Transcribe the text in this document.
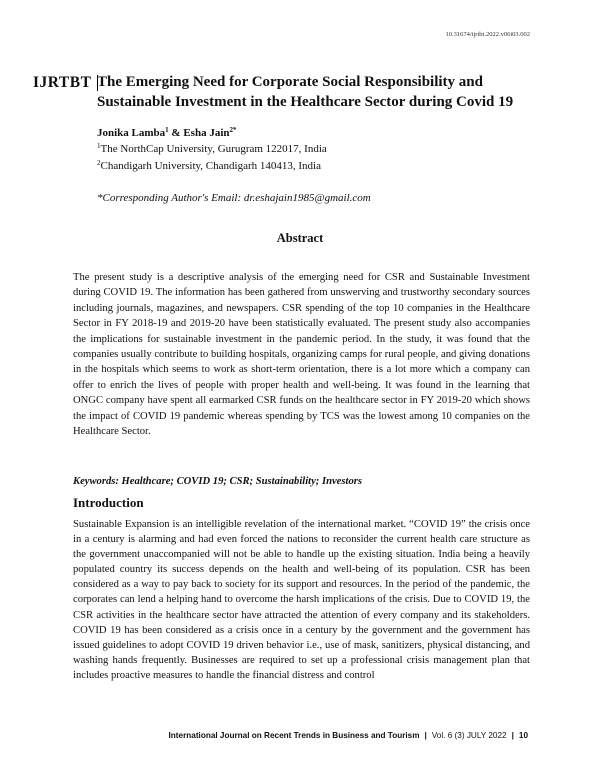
10.31674/ijrtbt.2022.v06i03.002
IJRTBT The Emerging Need for Corporate Social Responsibility and Sustainable Investment in the Healthcare Sector during Covid 19
Jonika Lamba$^1$ & Esha Jain$^{2*}$
$^1$The NorthCap University, Gurugram 122017, India
$^2$Chandigarh University, Chandigarh 140413, India
*Corresponding Author's Email: dr.eshajain1985@gmail.com
Abstract

The present study is a descriptive analysis of the emerging need for CSR and Sustainable Investment during COVID 19. The information has been gathered from unswerving and trustworthy secondary sources including journals, magazines, and newspapers. CSR spending of the top 10 companies in the Healthcare Sector in FY 2018-19 and 2019-20 have been statistically evaluated. The present study also accompanies the implications for sustainable investment in the pandemic period. In the study, it was found that the companies usually contribute to building hospitals, organizing camps for rural people, and giving donations in the hospitals which seems to work as short-term orientation, there is a lot more which a company can offer to enrich the lives of people with proper health and well-being. It was found in the learning that ONGC company have spent all earmarked CSR funds on the healthcare sector in FY 2019-20 which shows the impact of COVID 19 pandemic whereas spending by TCS was the lowest among 10 companies on the Healthcare Sector.

Keywords: Healthcare; COVID 19; CSR; Sustainability; Investors
Introduction

Sustainable Expansion is an intelligible revelation of the international market. “COVID 19” the crisis once in a century is alarming and had even forced the nations to reconsider the current health care structure as the government unaccompanied will not be able to handle up the existing situation. India being a heavily populated country its success depends on the health and well-being of its population. CSR has been considered as a way to pay back to society for its support and resources. In the period of the pandemic, the corporates can lend a helping hand to overcome the harsh implications of the crisis. Due to COVID 19, the CSR activities in the healthcare sector have attracted the attention of every company and its stakeholders. COVID 19 has been considered as a crisis once in a century by the government and the government has issued guidelines to adopt COVID 19 driven behavior i.e., use of mask, sanitizers, physical distancing, and washing hands frequently. Businesses are required to set up a professional crisis management plan that includes proactive measures to handle the financial distress and control

International Journal on Recent Trends in Business and Tourism | Vol. 6 (3) JULY 2022 | 10
